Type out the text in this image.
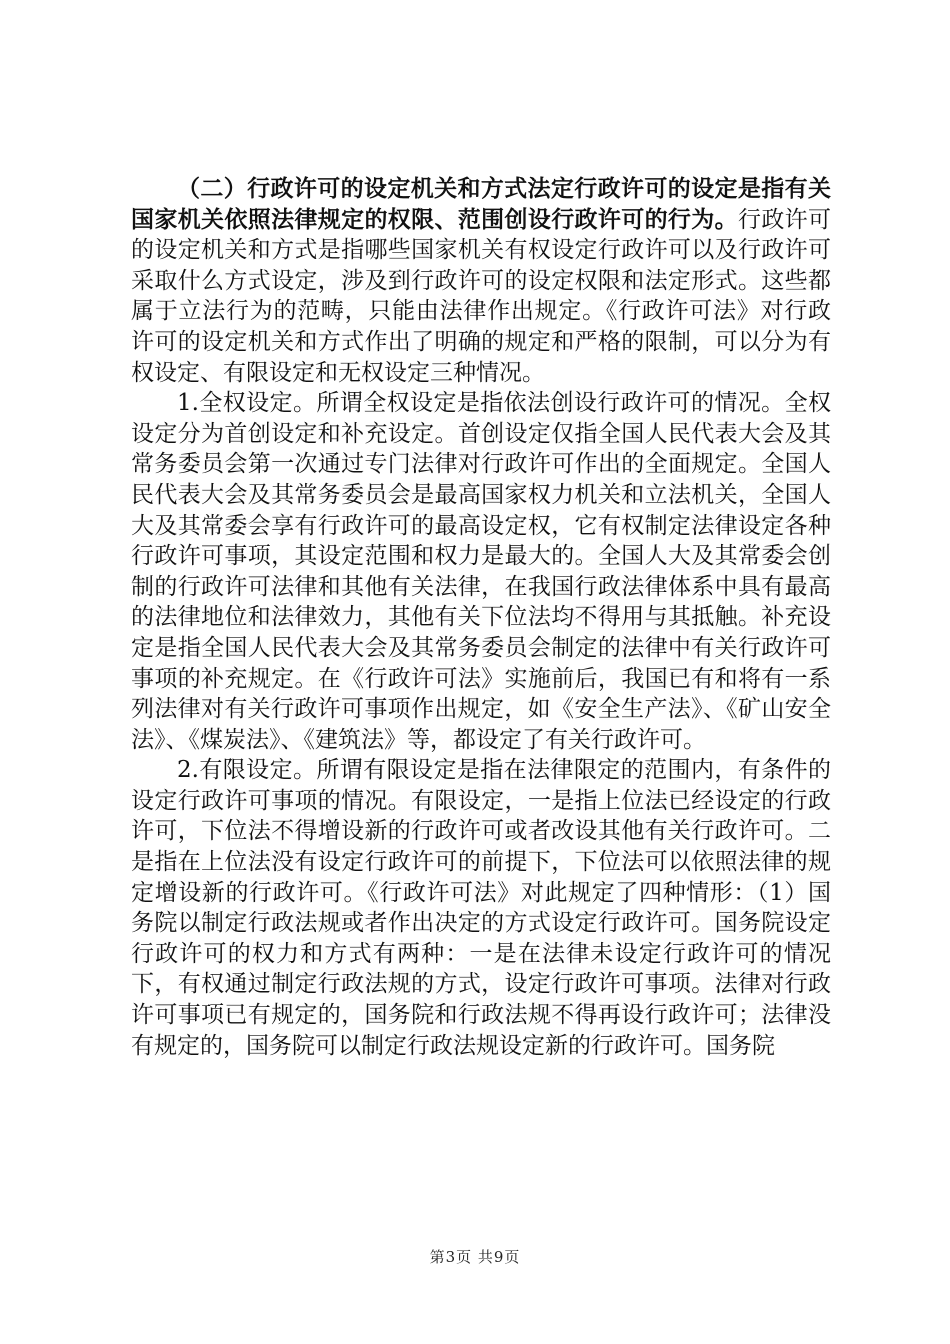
（二）行政许可的设定机关和方式法定行政许可的设定是指有关国家机关依照法律规定的权限、范围创设行政许可的行为。行政许可的设定机关和方式是指哪些国家机关有权设定行政许可以及行政许可采取什么方式设定，涉及到行政许可的设定权限和法定形式。这些都属于立法行为的范畴，只能由法律作出规定。《行政许可法》对行政许可的设定机关和方式作出了明确的规定和严格的限制，可以分为有权设定、有限设定和无权设定三种情况。

1.全权设定。所谓全权设定是指依法创设行政许可的情况。全权设定分为首创设定和补充设定。首创设定仅指全国人民代表大会及其常务委员会第一次通过专门法律对行政许可作出的全面规定。全国人民代表大会及其常务委员会是最高国家权力机关和立法机关，全国人大及其常委会享有行政许可的最高设定权，它有权制定法律设定各种行政许可事项，其设定范围和权力是最大的。全国人大及其常委会创制的行政许可法律和其他有关法律，在我国行政法律体系中具有最高的法律地位和法律效力，其他有关下位法均不得用与其抵触。补充设定是指全国人民代表大会及其常务委员会制定的法律中有关行政许可事项的补充规定。在《行政许可法》实施前后，我国已有和将有一系列法律对有关行政许可事项作出规定，如《安全生产法》、《矿山安全法》、《煤炭法》、《建筑法》等，都设定了有关行政许可。

2.有限设定。所谓有限设定是指在法律限定的范围内，有条件的设定行政许可事项的情况。有限设定，一是指上位法已经设定的行政许可，下位法不得增设新的行政许可或者改设其他有关行政许可。二是指在上位法没有设定行政许可的前提下，下位法可以依照法律的规定增设新的行政许可。《行政许可法》对此规定了四种情形：（1）国务院以制定行政法规或者作出决定的方式设定行政许可。国务院设定行政许可的权力和方式有两种：一是在法律未设定行政许可的情况下，有权通过制定行政法规的方式，设定行政许可事项。法律对行政许可事项已有规定的，国务院和行政法规不得再设行政许可；法律没有规定的，国务院可以制定行政法规设定新的行政许可。国务院

第3页 共9页
